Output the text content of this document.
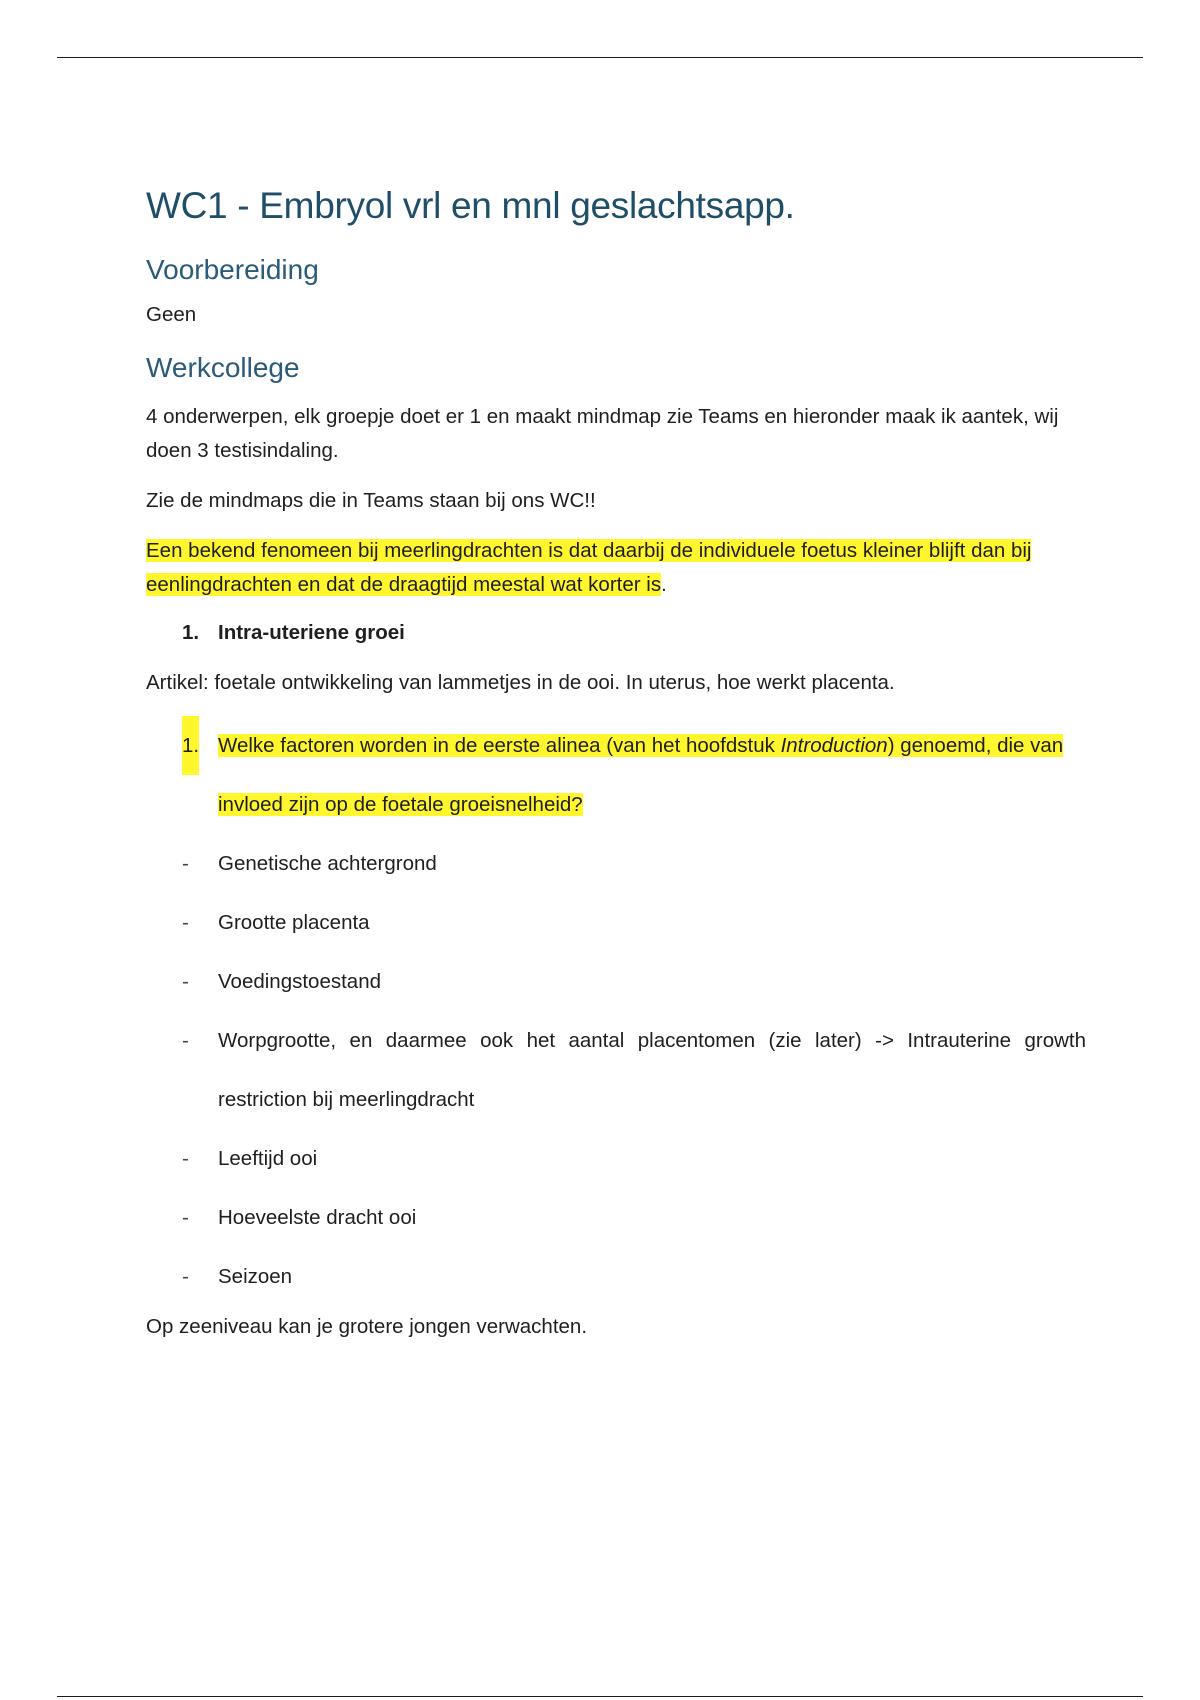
WC1 - Embryol vrl en mnl geslachtsapp.
Voorbereiding

Geen

Werkcollege

4 onderwerpen, elk groepje doet er 1 en maakt mindmap zie Teams en hieronder maak ik aantek, wij doen 3 testisindaling.

Zie de mindmaps die in Teams staan bij ons WC!!

Een bekend fenomeen bij meerlingdrachten is dat daarbij de individuele foetus kleiner blijft dan bij eenlingdrachten en dat de draagtijd meestal wat korter is.

1. Intra-uteriene groei

Artikel: foetale ontwikkeling van lammetjes in de ooi. In uterus, hoe werkt placenta.

1. Welke factoren worden in de eerste alinea (van het hoofdstuk Introduction) genoemd, die van invloed zijn op de foetale groeisnelheid?
- Genetische achtergrond
- Grootte placenta
- Voedingstoestand
- Worpgrootte, en daarmee ook het aantal placentomen (zie later) -> Intrauterine growth restriction bij meerlingdracht
- Leeftijd ooi
- Hoeveelste dracht ooi
- Seizoen

Op zeeniveau kan je grotere jongen verwachten.
